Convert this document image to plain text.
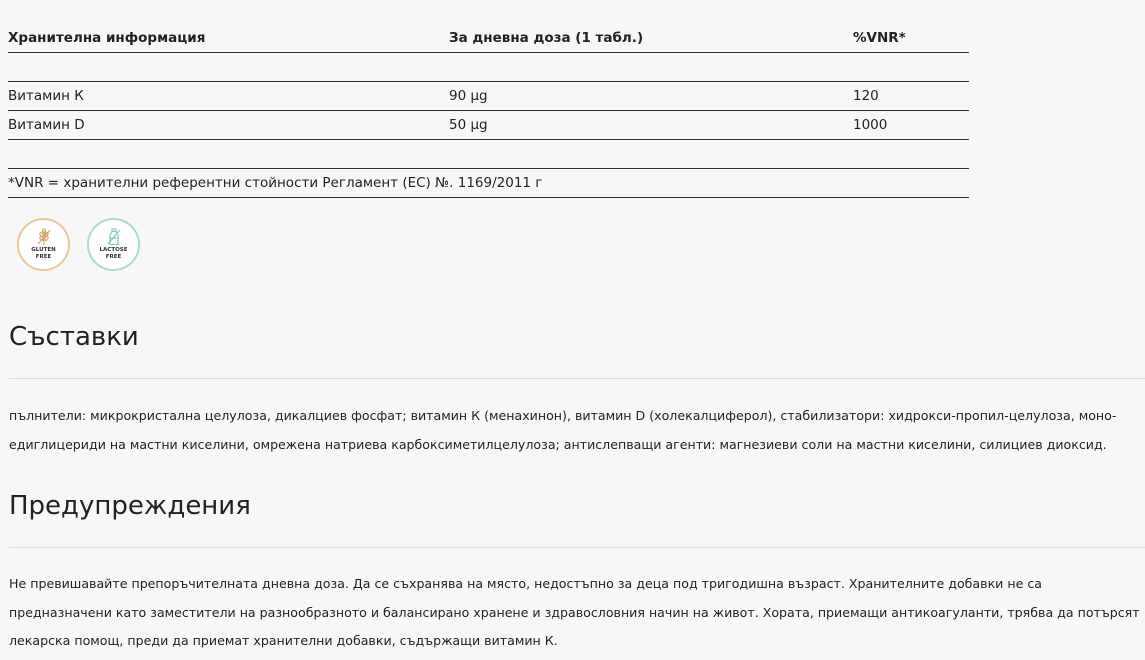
Хранителна информация	За дневна доза (1 табл.)	%VNR*

Витамин К	90 µg	120
Витамин D	50 µg	1000

*VNR = хранителни референтни стойности Регламент (ЕС) №. 1169/2011 г		
GLUTEN
FREE
LACTOSE
FREE
Съставки

пълнители: микрокристална целулоза, дикалциев фосфат; витамин К (менахинон), витамин D (холекалциферол), стабилизатори: хидрокси-пропил-целулоза, моно- едиглицериди на мастни киселини, омрежена натриева карбоксиметилцелулоза; антислепващи агенти: магнезиеви соли на мастни киселини, силициев диоксид.

Предупреждения

Не превишавайте препоръчителната дневна доза. Да се съхранява на място, недостъпно за деца под тригодишна възраст. Хранителните добавки не са предназначени като заместители на разнообразното и балансирано хранене и здравословния начин на живот. Хората, приемащи антикоагуланти, трябва да потърсят лекарска помощ, преди да приемат хранителни добавки, съдържащи витамин К.
